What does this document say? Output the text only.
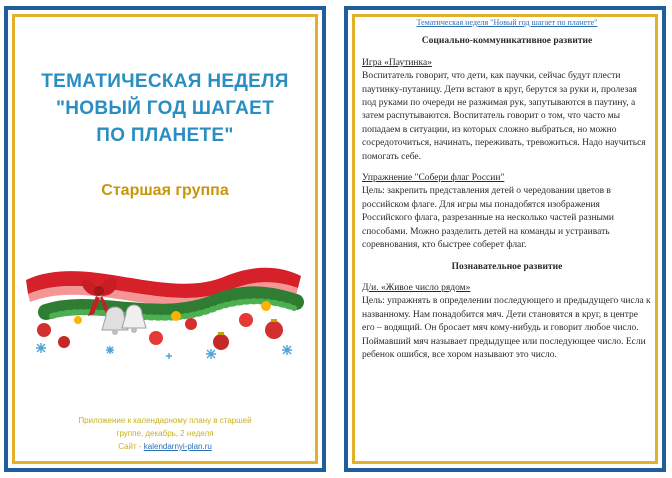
ТЕМАТИЧЕСКАЯ НЕДЕЛЯ
"НОВЫЙ ГОД ШАГАЕТ
ПО ПЛАНЕТЕ"
Старшая группа
Приложение к календарному плану в старшей
группе, декабрь, 2 неделя
Сайт - kalendarnyi-plan.ru
Тематическая неделя "Новый год шагает по планете"
Социально-коммуникативное развитие
Игра «Паутинка»

Воспитатель говорит, что дети, как паучки, сейчас будут плести паутинку-путаницу. Дети встают в круг, берутся за руки и, пролезая под руками по очереди не разжимая рук, запутываются в паутину, а затем распутываются. Воспитатель говорит о том, что часто мы попадаем в ситуации, из которых сложно выбраться, но можно сосредоточиться, начинать, переживать, тревожиться. Надо научиться помогать себе.

Упражнение "Собери флаг России"

Цель: закрепить представления детей о чередовании цветов в российском флаге. Для игры мы понадобятся изображения Российского флага, разрезанные на несколько частей разными способами. Можно разделить детей на команды и устраивать соревнования, кто быстрее соберет флаг.

Познавательное развитие
Д/и. «Живое число рядом»

Цель: упражнять в определении последующего и предыдущего числа к названному. Нам понадобится мяч. Дети становятся в круг, в центре его – водящий. Он бросает мяч кому-нибудь и говорит любое число. Поймавший мяч называет предыдущее или последующее число. Если ребенок ошибся, все хором называют это число.
